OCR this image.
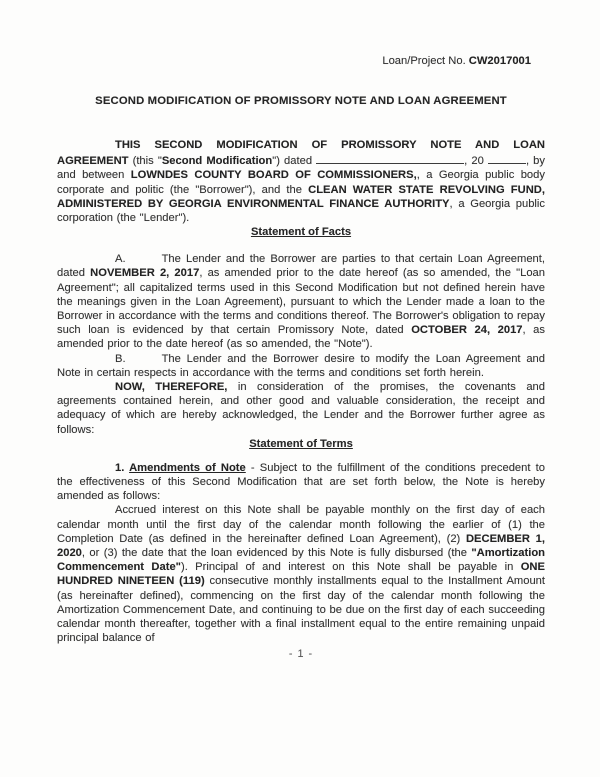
Loan/Project No. CW2017001
SECOND MODIFICATION OF PROMISSORY NOTE AND LOAN AGREEMENT

THIS SECOND MODIFICATION OF PROMISSORY NOTE AND LOAN AGREEMENT (this "Second Modification") dated	, 20	, by and between LOWNDES COUNTY BOARD OF COMMISSIONERS,, a Georgia public body corporate and politic (the "Borrower"), and the CLEAN WATER STATE REVOLVING FUND, ADMINISTERED BY GEORGIA ENVIRONMENTAL FINANCE AUTHORITY, a Georgia public corporation (the "Lender").

Statement of Facts

A.	The Lender and the Borrower are parties to that certain Loan Agreement, dated NOVEMBER 2, 2017, as amended prior to the date hereof (as so amended, the "Loan Agreement"; all capitalized terms used in this Second Modification but not defined herein have the meanings given in the Loan Agreement), pursuant to which the Lender made a loan to the Borrower in accordance with the terms and conditions thereof. The Borrower's obligation to repay such loan is evidenced by that certain Promissory Note, dated OCTOBER 24, 2017, as amended prior to the date hereof (as so amended, the "Note").

B.	The Lender and the Borrower desire to modify the Loan Agreement and Note in certain respects in accordance with the terms and conditions set forth herein.

NOW, THEREFORE, in consideration of the promises, the covenants and agreements contained herein, and other good and valuable consideration, the receipt and adequacy of which are hereby acknowledged, the Lender and the Borrower further agree as follows:

Statement of Terms

1. Amendments of Note - Subject to the fulfillment of the conditions precedent to the effectiveness of this Second Modification that are set forth below, the Note is hereby amended as follows:

Accrued interest on this Note shall be payable monthly on the first day of each calendar month until the first day of the calendar month following the earlier of (1) the Completion Date (as defined in the hereinafter defined Loan Agreement), (2) DECEMBER 1, 2020, or (3) the date that the loan evidenced by this Note is fully disbursed (the "Amortization Commencement Date"). Principal of and interest on this Note shall be payable in ONE HUNDRED NINETEEN (119) consecutive monthly installments equal to the Installment Amount (as hereinafter defined), commencing on the first day of the calendar month following the Amortization Commencement Date, and continuing to be due on the first day of each succeeding calendar month thereafter, together with a final installment equal to the entire remaining unpaid principal balance of

- 1 -
